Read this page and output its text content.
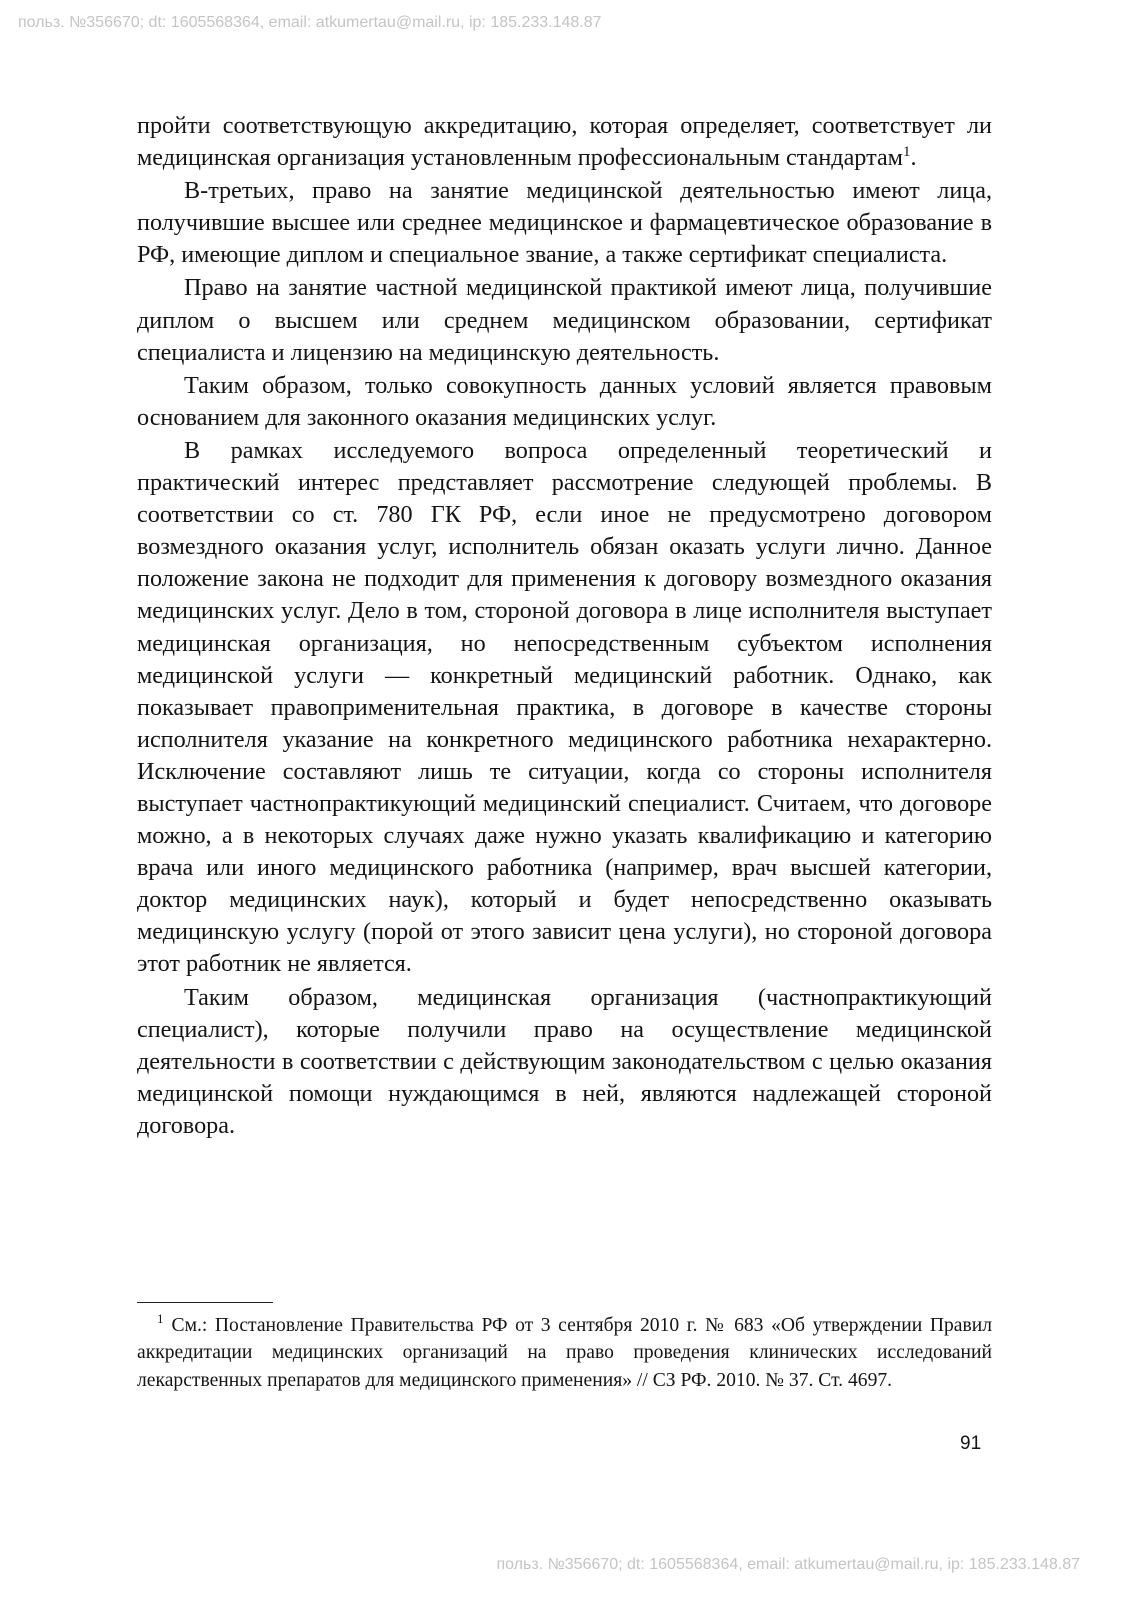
польз. №356670; dt: 1605568364, email: atkumertau@mail.ru, ip: 185.233.148.87

пройти соответствующую аккредитацию, которая определяет, соответствует ли медицинская организация установленным профессиональным стандартам$^1$.

В-третьих, право на занятие медицинской деятельностью имеют лица, получившие высшее или среднее медицинское и фармацевтическое образование в РФ, имеющие диплом и специальное звание, а также сертификат специалиста.

Право на занятие частной медицинской практикой имеют лица, получившие диплом о высшем или среднем медицинском образовании, сертификат специалиста и лицензию на медицинскую деятельность.

Таким образом, только совокупность данных условий является правовым основанием для законного оказания медицинских услуг.

В рамках исследуемого вопроса определенный теоретический и практический интерес представляет рассмотрение следующей проблемы. В соответствии со ст. 780 ГК РФ, если иное не предусмотрено договором возмездного оказания услуг, исполнитель обязан оказать услуги лично. Данное положение закона не подходит для применения к договору возмездного оказания медицинских услуг. Дело в том, стороной договора в лице исполнителя выступает медицинская организация, но непосредственным субъектом исполнения медицинской услуги — конкретный медицинский работник. Однако, как показывает правоприменительная практика, в договоре в качестве стороны исполнителя указание на конкретного медицинского работника нехарактерно. Исключение составляют лишь те ситуации, когда со стороны исполнителя выступает частнопрактикующий медицинский специалист. Считаем, что договоре можно, а в некоторых случаях даже нужно указать квалификацию и категорию врача или иного медицинского работника (например, врач высшей категории, доктор медицинских наук), который и будет непосредственно оказывать медицинскую услугу (порой от этого зависит цена услуги), но стороной договора этот работник не является.

Таким образом, медицинская организация (частнопрактикующий специалист), которые получили право на осуществление медицинской деятельности в соответствии с действующим законодательством с целью оказания медицинской помощи нуждающимся в ней, являются надлежащей стороной договора.

$^1$ См.: Постановление Правительства РФ от 3 сентября 2010 г. № 683 «Об утверждении Правил аккредитации медицинских организаций на право проведения клинических исследований лекарственных препаратов для медицинского применения» // СЗ РФ. 2010. № 37. Ст. 4697.

91
польз. №356670; dt: 1605568364, email: atkumertau@mail.ru, ip: 185.233.148.87
